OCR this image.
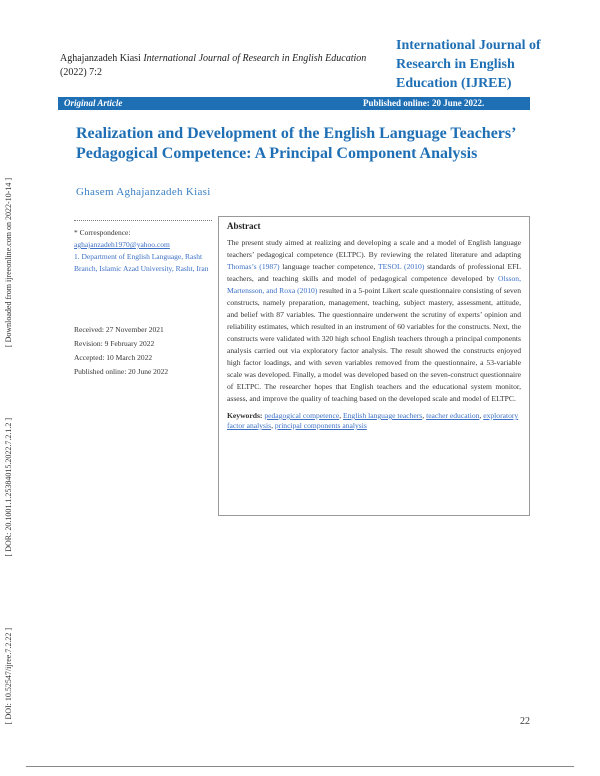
[ Downloaded from ijreeonline.com on 2022-10-14 ]
[ DOR: 20.1001.1.25384015.2022.7.2.1.2 ]
[ DOI: 10.52547/ijree.7.2.22 ]
Aghajanzadeh Kiasi International Journal of Research in English Education
(2022) 7:2
International Journal of Research in English Education (IJREE)
Original Article	Published online: 20 June 2022.
Realization and Development of the English Language Teachers’ Pedagogical Competence: A Principal Component Analysis
Ghasem Aghajanzadeh Kiasi
* Correspondence:
aghajanzadeh1970@yahoo.com
1. Department of English Language, Rasht Branch, Islamic Azad University, Rasht, Iran
Received: 27 November 2021
Revision: 9 February 2022
Accepted: 10 March 2022
Published online: 20 June 2022
Abstract

The present study aimed at realizing and developing a scale and a model of English language teachers’ pedagogical competence (ELTPC). By reviewing the related literature and adapting Thomas’s (1987) language teacher competence, TESOL (2010) standards of professional EFL teachers, and teaching skills and model of pedagogical competence developed by Olsson, Martensson, and Roxa (2010) resulted in a 5-point Likert scale questionnaire consisting of seven constructs, namely preparation, management, teaching, subject mastery, assessment, attitude, and belief with 87 variables. The questionnaire underwent the scrutiny of experts’ opinion and reliability estimates, which resulted in an instrument of 60 variables for the constructs. Next, the constructs were validated with 320 high school English teachers through a principal components analysis carried out via exploratory factor analysis. The result showed the constructs enjoyed high factor loadings, and with seven variables removed from the questionnaire, a 53-variable scale was developed. Finally, a model was developed based on the seven-construct questionnaire of ELTPC. The researcher hopes that English teachers and the educational system monitor, assess, and improve the quality of teaching based on the developed scale and model of ELTPC.

Keywords: pedagogical competence, English language teachers, teacher education, exploratory factor analysis, principal components analysis
22
